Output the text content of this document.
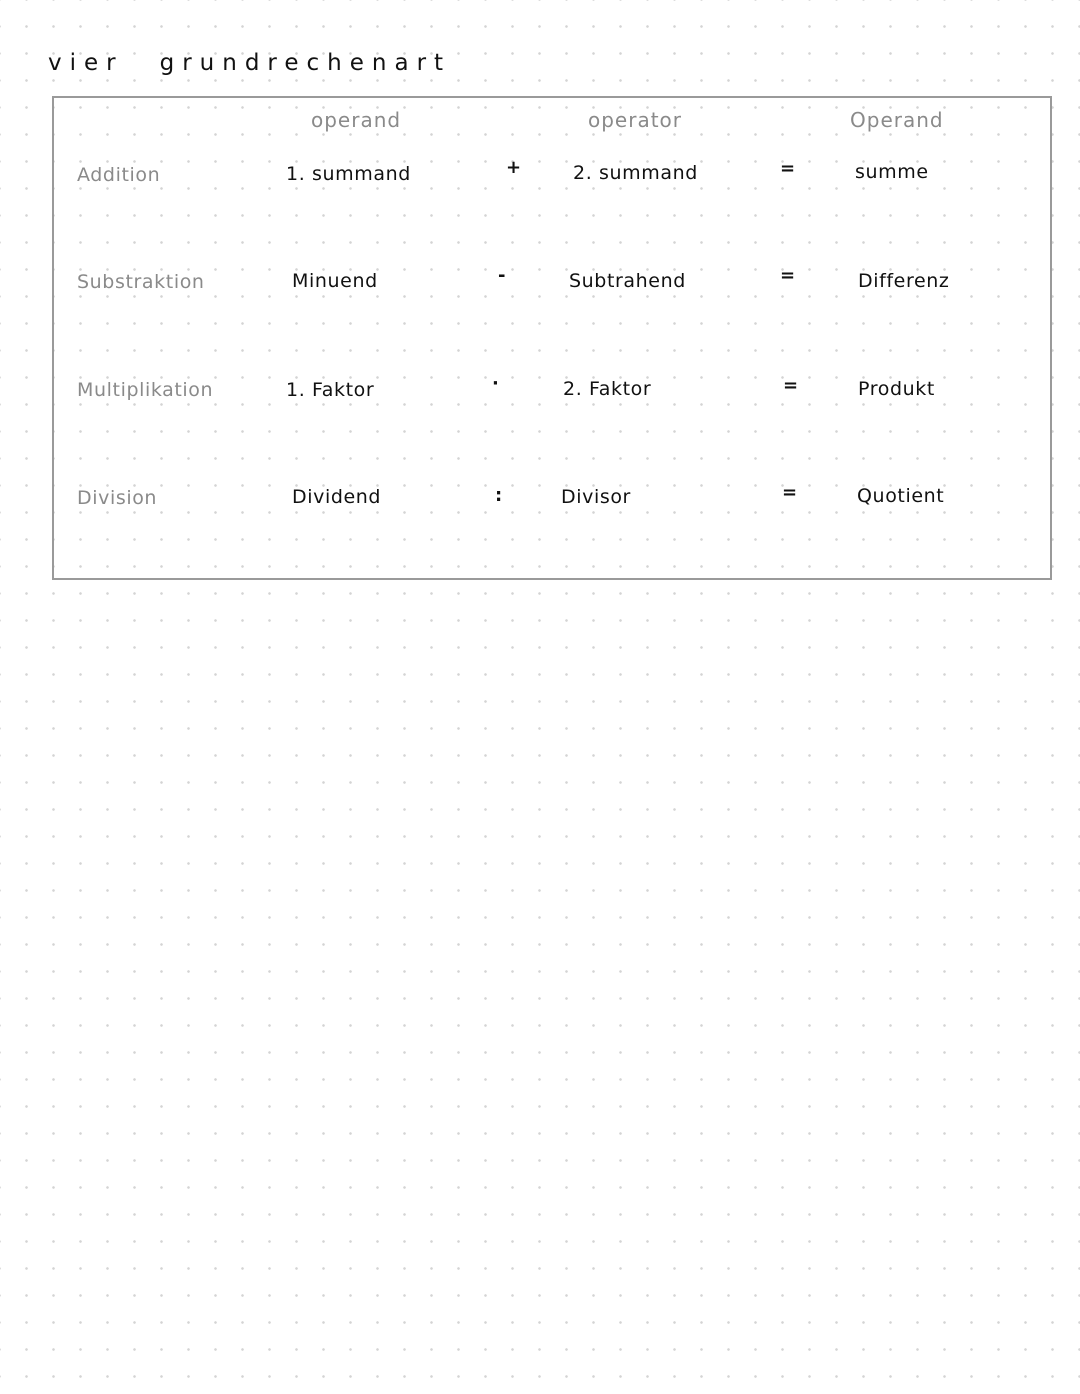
vier grundrechenart
operand	operator	Operand
Addition	1. summand	+	2. summand	=	summe
Substraktion	Minuend	-	Subtrahend	=	Differenz
Multiplikation	1. Faktor	·	2. Faktor	=	Produkt
Division	Dividend	:	Divisor	=	Quotient
